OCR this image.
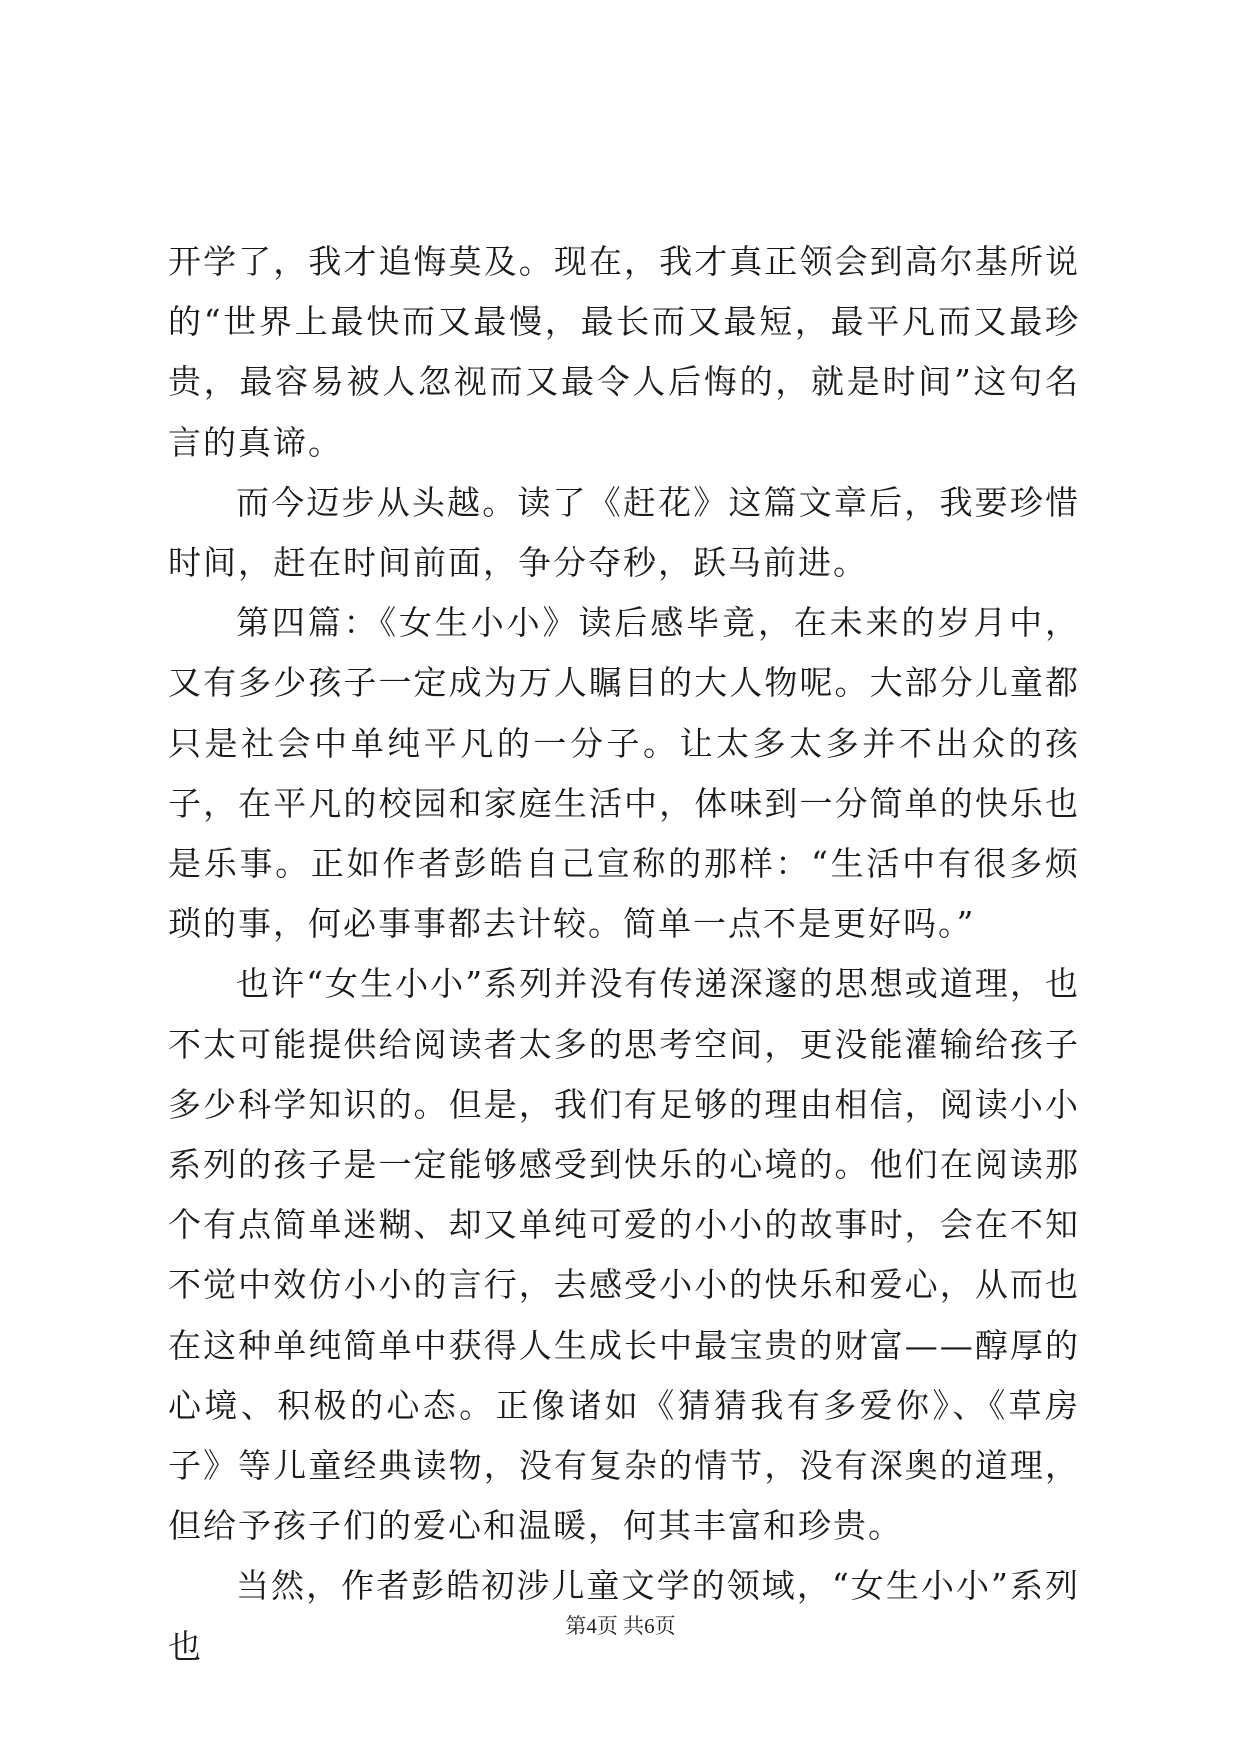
开学了，我才追悔莫及。现在，我才真正领会到高尔基所说的“世界上最快而又最慢，最长而又最短，最平凡而又最珍贵，最容易被人忽视而又最令人后悔的，就是时间”这句名言的真谛。

而今迈步从头越。读了《赶花》这篇文章后，我要珍惜时间，赶在时间前面，争分夺秒，跃马前进。

第四篇：《女生小小》读后感毕竟，在未来的岁月中，又有多少孩子一定成为万人瞩目的大人物呢。大部分儿童都只是社会中单纯平凡的一分子。让太多太多并不出众的孩子，在平凡的校园和家庭生活中，体味到一分简单的快乐也是乐事。正如作者彭皓自己宣称的那样：“生活中有很多烦琐的事，何必事事都去计较。简单一点不是更好吗。”

也许“女生小小”系列并没有传递深邃的思想或道理，也不太可能提供给阅读者太多的思考空间，更没能灌输给孩子多少科学知识的。但是，我们有足够的理由相信，阅读小小系列的孩子是一定能够感受到快乐的心境的。他们在阅读那个有点简单迷糊、却又单纯可爱的小小的故事时，会在不知不觉中效仿小小的言行，去感受小小的快乐和爱心，从而也在这种单纯简单中获得人生成长中最宝贵的财富——醇厚的心境、积极的心态。正像诸如《猜猜我有多爱你》、《草房子》等儿童经典读物，没有复杂的情节，没有深奥的道理，但给予孩子们的爱心和温暖，何其丰富和珍贵。

当然，作者彭皓初涉儿童文学的领域，“女生小小”系列也

第4页 共6页
